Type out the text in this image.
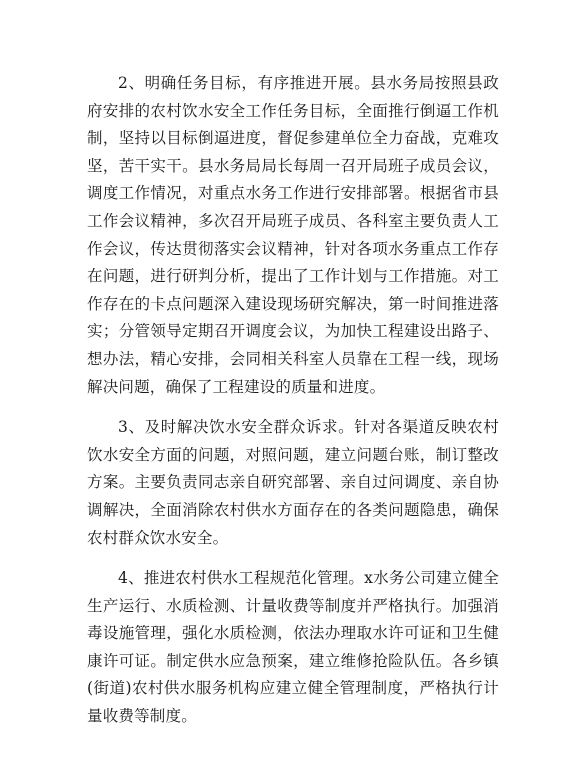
2、明确任务目标，有序推进开展。县水务局按照县政府安排的农村饮水安全工作任务目标，全面推行倒逼工作机制，坚持以目标倒逼进度，督促参建单位全力奋战，克难攻坚，苦干实干。县水务局局长每周一召开局班子成员会议，调度工作情况，对重点水务工作进行安排部署。根据省市县工作会议精神，多次召开局班子成员、各科室主要负责人工作会议，传达贯彻落实会议精神，针对各项水务重点工作存在问题，进行研判分析，提出了工作计划与工作措施。对工作存在的卡点问题深入建设现场研究解决，第一时间推进落实；分管领导定期召开调度会议，为加快工程建设出路子、想办法，精心安排，会同相关科室人员靠在工程一线，现场解决问题，确保了工程建设的质量和进度。

3、及时解决饮水安全群众诉求。针对各渠道反映农村饮水安全方面的问题，对照问题，建立问题台账，制订整改方案。主要负责同志亲自研究部署、亲自过问调度、亲自协调解决，全面消除农村供水方面存在的各类问题隐患，确保农村群众饮水安全。

4、推进农村供水工程规范化管理。x水务公司建立健全生产运行、水质检测、计量收费等制度并严格执行。加强消毒设施管理，强化水质检测，依法办理取水许可证和卫生健康许可证。制定供水应急预案，建立维修抢险队伍。各乡镇(街道)农村供水服务机构应建立健全管理制度，严格执行计量收费等制度。
